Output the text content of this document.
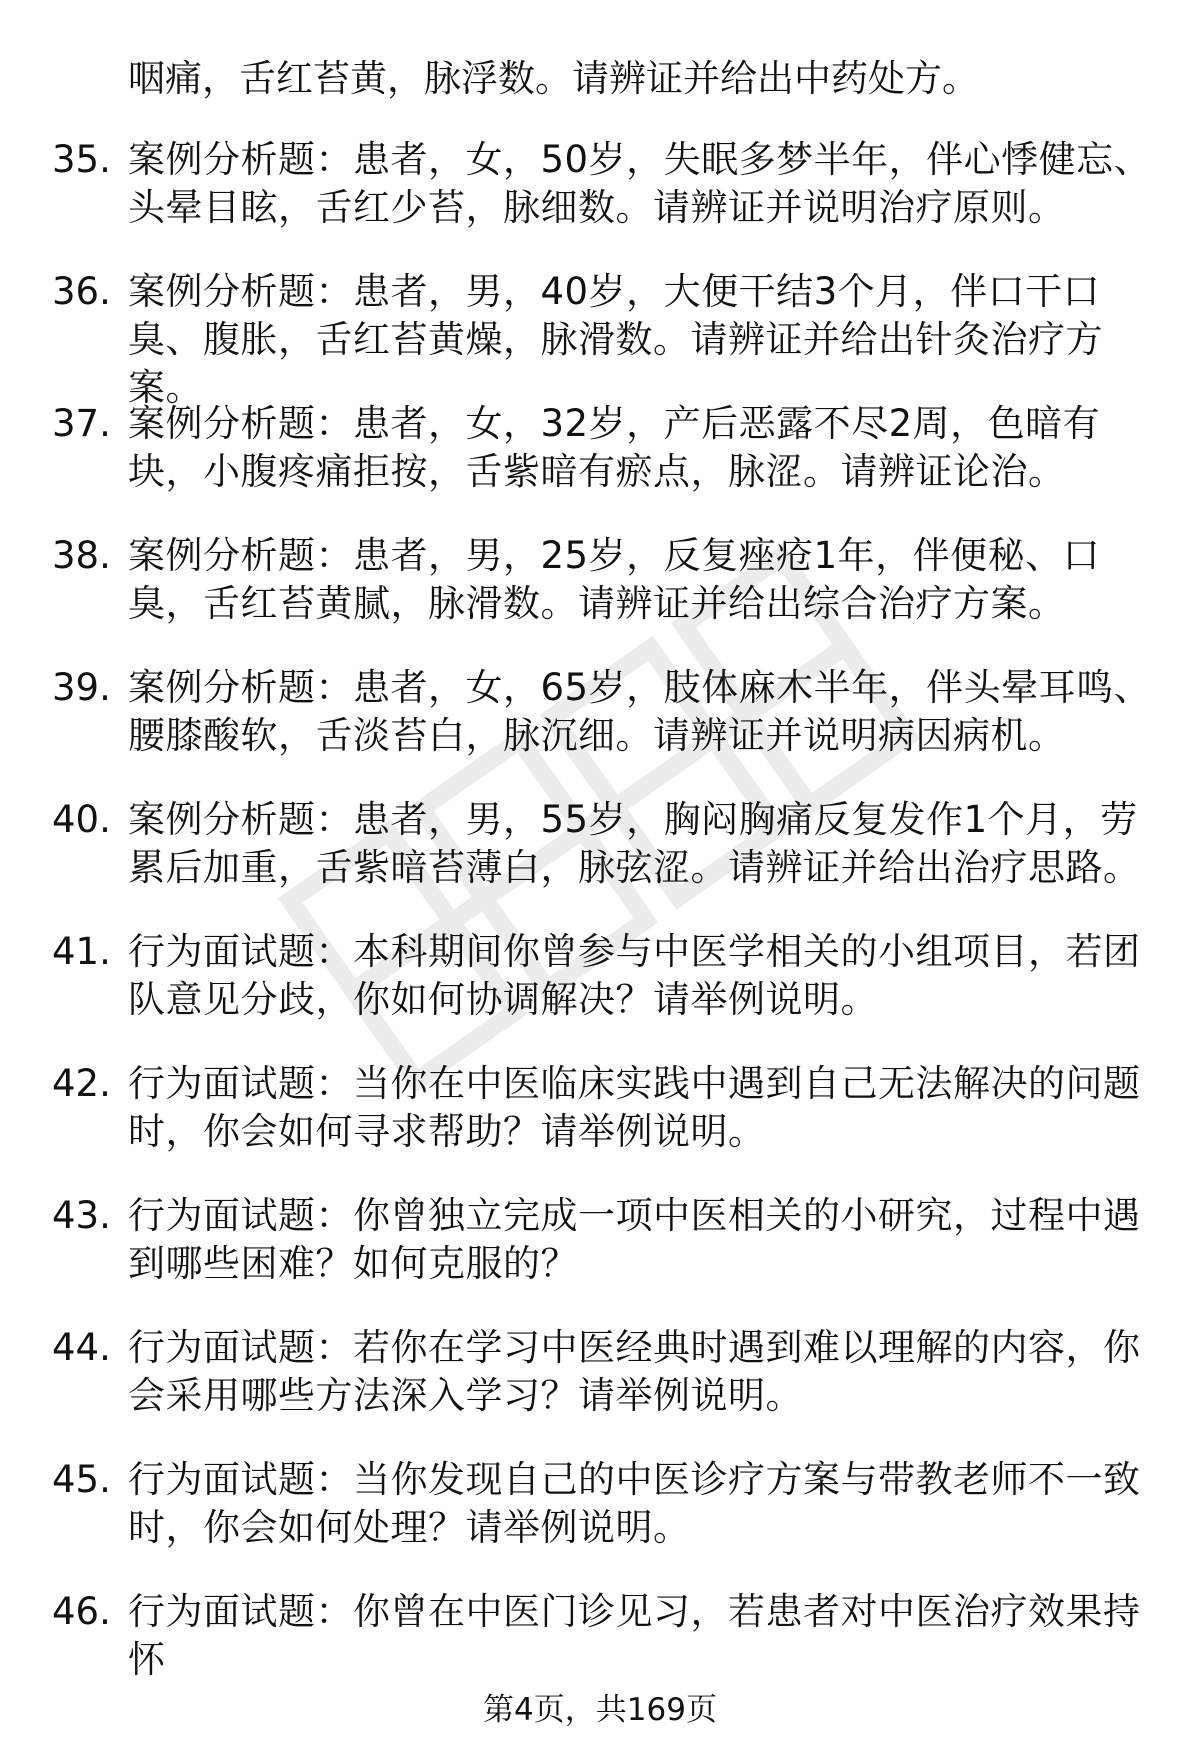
咽痛，舌红苔黄，脉浮数。请辨证并给出中药处方。

35. 案例分析题：患者，女，50岁，失眠多梦半年，伴心悸健忘、头晕目眩，舌红少苔，脉细数。请辨证并说明治疗原则。
36. 案例分析题：患者，男，40岁，大便干结3个月，伴口干口臭、腹胀，舌红苔黄燥，脉滑数。请辨证并给出针灸治疗方案。
37. 案例分析题：患者，女，32岁，产后恶露不尽2周，色暗有块，小腹疼痛拒按，舌紫暗有瘀点，脉涩。请辨证论治。
38. 案例分析题：患者，男，25岁，反复痤疮1年，伴便秘、口臭，舌红苔黄腻，脉滑数。请辨证并给出综合治疗方案。
39. 案例分析题：患者，女，65岁，肢体麻木半年，伴头晕耳鸣、腰膝酸软，舌淡苔白，脉沉细。请辨证并说明病因病机。
40. 案例分析题：患者，男，55岁，胸闷胸痛反复发作1个月，劳累后加重，舌紫暗苔薄白，脉弦涩。请辨证并给出治疗思路。
41. 行为面试题：本科期间你曾参与中医学相关的小组项目，若团队意见分歧，你如何协调解决？请举例说明。
42. 行为面试题：当你在中医临床实践中遇到自己无法解决的问题时，你会如何寻求帮助？请举例说明。
43. 行为面试题：你曾独立完成一项中医相关的小研究，过程中遇到哪些困难？如何克服的？
44. 行为面试题：若你在学习中医经典时遇到难以理解的内容，你会采用哪些方法深入学习？请举例说明。
45. 行为面试题：当你发现自己的中医诊疗方案与带教老师不一致时，你会如何处理？请举例说明。
46. 行为面试题：你曾在中医门诊见习，若患者对中医治疗效果持怀
第4页，共169页
